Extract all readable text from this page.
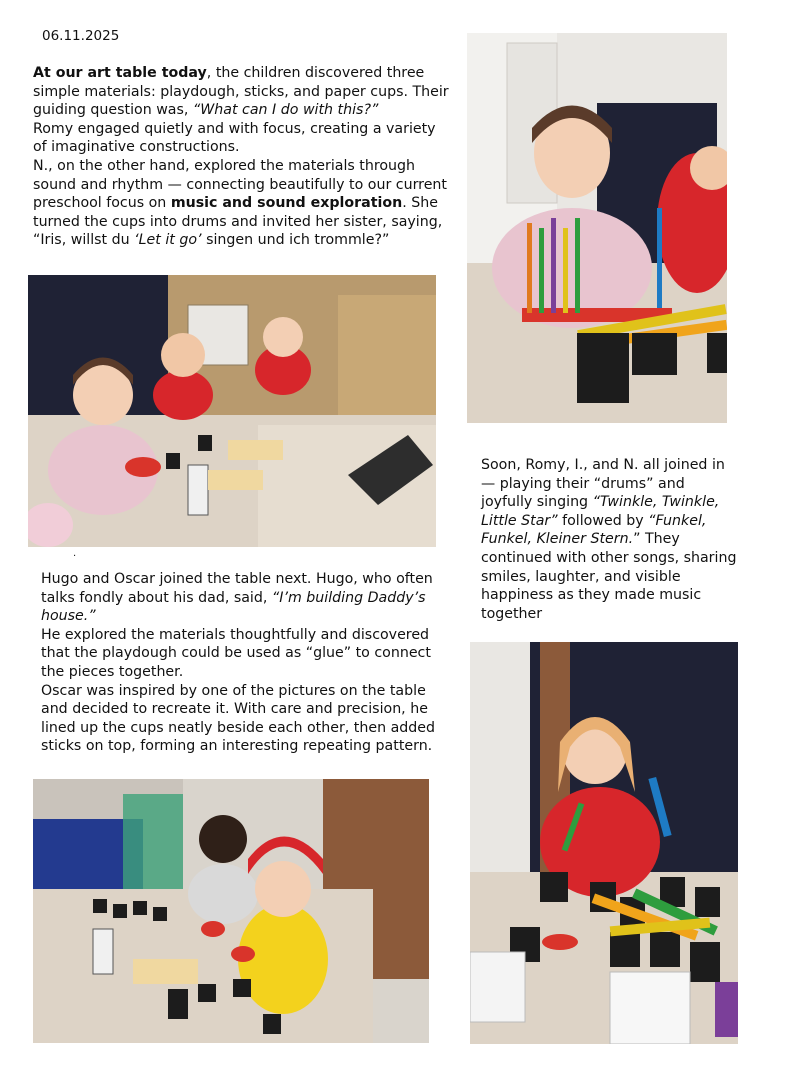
06.11.2025

At our art table today, the children discovered three simple materials: playdough, sticks, and paper cups. Their guiding question was, “What can I do with this?”

Romy engaged quietly and with focus, creating a variety of imaginative constructions.

N., on the other hand, explored the materials through sound and rhythm — connecting beautifully to our current preschool focus on music and sound exploration. She turned the cups into drums and invited her sister, saying, “Iris, willst du ‘Let it go’ singen und ich trommle?”

Soon, Romy, I., and N. all joined in — playing their “drums” and joyfully singing “Twinkle, Twinkle, Little Star” followed by “Funkel, Funkel, Kleiner Stern.” They continued with other songs, sharing smiles, laughter, and visible happiness as they made music together

Hugo and Oscar joined the table next. Hugo, who often talks fondly about his dad, said, “I’m building Daddy’s house.”

He explored the materials thoughtfully and discovered that the playdough could be used as “glue” to connect the pieces together.

Oscar was inspired by one of the pictures on the table and decided to recreate it. With care and precision, he lined up the cups neatly beside each other, then added sticks on top, forming an interesting repeating pattern.

.
